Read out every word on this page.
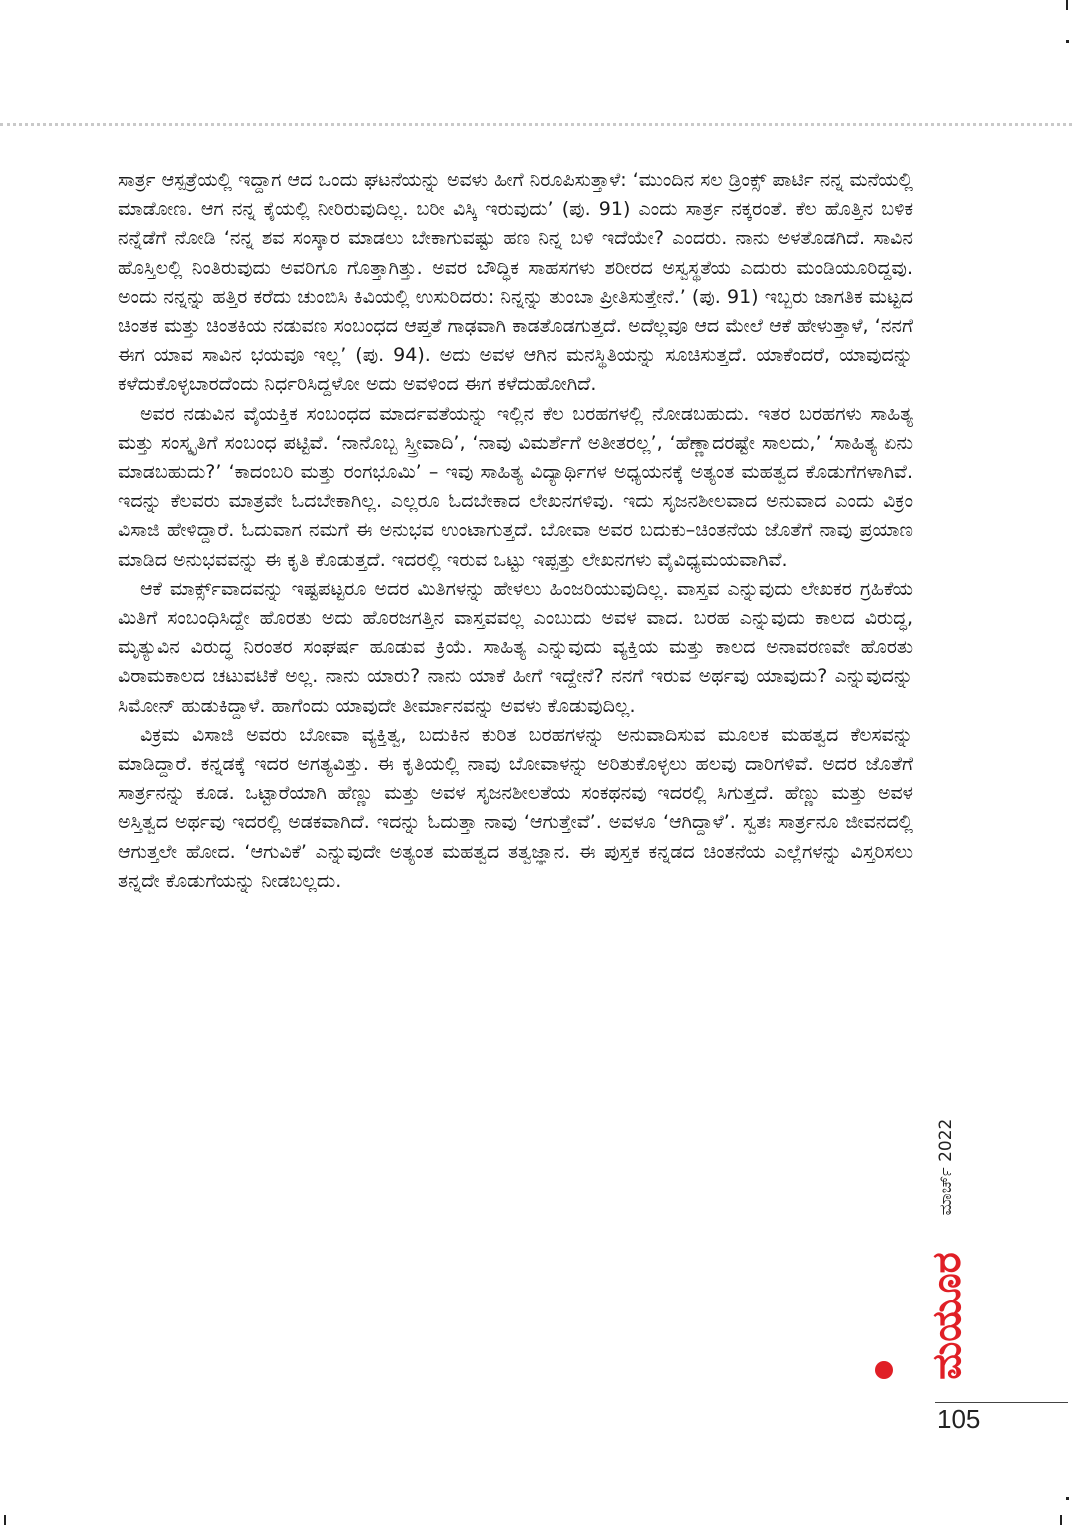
ಸಾರ್ತ್ರ ಆಸ್ಪತ್ರೆಯಲ್ಲಿ ಇದ್ದಾಗ ಆದ ಒಂದು ಘಟನೆಯನ್ನು ಅವಳು ಹೀಗೆ ನಿರೂಪಿಸುತ್ತಾಳೆ: ‘ಮುಂದಿನ ಸಲ ಡ್ರಿಂಕ್ಸ್ ಪಾರ್ಟಿ ನನ್ನ ಮನೆಯಲ್ಲಿ ಮಾಡೋಣ. ಆಗ ನನ್ನ ಕೈಯಲ್ಲಿ ನೀರಿರುವುದಿಲ್ಲ. ಬರೀ ವಿಸ್ಕಿ ಇರುವುದು’ (ಪು. 91) ಎಂದು ಸಾರ್ತ್ರ ನಕ್ಕರಂತೆ. ಕೆಲ ಹೊತ್ತಿನ ಬಳಿಕ ನನ್ನೆಡೆಗೆ ನೋಡಿ ‘ನನ್ನ ಶವ ಸಂಸ್ಕಾರ ಮಾಡಲು ಬೇಕಾಗುವಷ್ಟು ಹಣ ನಿನ್ನ ಬಳಿ ಇದೆಯೇ? ಎಂದರು. ನಾನು ಅಳತೊಡಗಿದೆ. ಸಾವಿನ ಹೊಸ್ತಿಲಲ್ಲಿ ನಿಂತಿರುವುದು ಅವರಿಗೂ ಗೊತ್ತಾಗಿತ್ತು. ಅವರ ಬೌದ್ಧಿಕ ಸಾಹಸಗಳು ಶರೀರದ ಅಸ್ವಸ್ಥತೆಯ ಎದುರು ಮಂಡಿಯೂರಿದ್ದವು. ಅಂದು ನನ್ನನ್ನು ಹತ್ತಿರ ಕರೆದು ಚುಂಬಿಸಿ ಕಿವಿಯಲ್ಲಿ ಉಸುರಿದರು: ನಿನ್ನನ್ನು ತುಂಬಾ ಪ್ರೀತಿಸುತ್ತೇನೆ.’ (ಪು. 91) ಇಬ್ಬರು ಜಾಗತಿಕ ಮಟ್ಟದ ಚಿಂತಕ ಮತ್ತು ಚಿಂತಕಿಯ ನಡುವಣ ಸಂಬಂಧದ ಆಪ್ತತೆ ಗಾಢವಾಗಿ ಕಾಡತೊಡಗುತ್ತದೆ. ಅದೆಲ್ಲವೂ ಆದ ಮೇಲೆ ಆಕೆ ಹೇಳುತ್ತಾಳೆ, ‘ನನಗೆ ಈಗ ಯಾವ ಸಾವಿನ ಭಯವೂ ಇಲ್ಲ’ (ಪು. 94). ಅದು ಅವಳ ಆಗಿನ ಮನಸ್ಥಿತಿಯನ್ನು ಸೂಚಿಸುತ್ತದೆ. ಯಾಕೆಂದರೆ, ಯಾವುದನ್ನು ಕಳೆದುಕೊಳ್ಳಬಾರದೆಂದು ನಿರ್ಧರಿಸಿದ್ದಳೋ ಅದು ಅವಳಿಂದ ಈಗ ಕಳೆದುಹೋಗಿದೆ.

ಅವರ ನಡುವಿನ ವೈಯಕ್ತಿಕ ಸಂಬಂಧದ ಮಾರ್ದವತೆಯನ್ನು ಇಲ್ಲಿನ ಕೆಲ ಬರಹಗಳಲ್ಲಿ ನೋಡಬಹುದು. ಇತರ ಬರಹಗಳು ಸಾಹಿತ್ಯ ಮತ್ತು ಸಂಸ್ಕೃತಿಗೆ ಸಂಬಂಧ ಪಟ್ಟಿವೆ. ‘ನಾನೊಬ್ಬ ಸ್ತ್ರೀವಾದಿ’, ‘ನಾವು ವಿಮರ್ಶೆಗೆ ಅತೀತರಲ್ಲ’, ‘ಹೆಣ್ಣಾದರಷ್ಟೇ ಸಾಲದು,’ ‘ಸಾಹಿತ್ಯ ಏನು ಮಾಡಬಹುದು?’ ‘ಕಾದಂಬರಿ ಮತ್ತು ರಂಗಭೂಮಿ’ – ಇವು ಸಾಹಿತ್ಯ ವಿದ್ಯಾರ್ಥಿಗಳ ಅಧ್ಯಯನಕ್ಕೆ ಅತ್ಯಂತ ಮಹತ್ವದ ಕೊಡುಗೆಗಳಾಗಿವೆ. ಇದನ್ನು ಕೆಲವರು ಮಾತ್ರವೇ ಓದಬೇಕಾಗಿಲ್ಲ. ಎಲ್ಲರೂ ಓದಬೇಕಾದ ಲೇಖನಗಳಿವು. ಇದು ಸೃಜನಶೀಲವಾದ ಅನುವಾದ ಎಂದು ವಿಕ್ರಂ ವಿಸಾಜಿ ಹೇಳಿದ್ದಾರೆ. ಓದುವಾಗ ನಮಗೆ ಈ ಅನುಭವ ಉಂಟಾಗುತ್ತದೆ. ಬೋವಾ ಅವರ ಬದುಕು–ಚಿಂತನೆಯ ಜೊತೆಗೆ ನಾವು ಪ್ರಯಾಣ ಮಾಡಿದ ಅನುಭವವನ್ನು ಈ ಕೃತಿ ಕೊಡುತ್ತದೆ. ಇದರಲ್ಲಿ ಇರುವ ಒಟ್ಟು ಇಪ್ಪತ್ತು ಲೇಖನಗಳು ವೈವಿಧ್ಯಮಯವಾಗಿವೆ.

ಆಕೆ ಮಾರ್ಕ್ಸ್‌ವಾದವನ್ನು ಇಷ್ಟಪಟ್ಟರೂ ಅದರ ಮಿತಿಗಳನ್ನು ಹೇಳಲು ಹಿಂಜರಿಯುವುದಿಲ್ಲ. ವಾಸ್ತವ ಎನ್ನುವುದು ಲೇಖಕರ ಗ್ರಹಿಕೆಯ ಮಿತಿಗೆ ಸಂಬಂಧಿಸಿದ್ದೇ ಹೊರತು ಅದು ಹೊರಜಗತ್ತಿನ ವಾಸ್ತವವಲ್ಲ ಎಂಬುದು ಅವಳ ವಾದ. ಬರಹ ಎನ್ನುವುದು ಕಾಲದ ವಿರುದ್ಧ, ಮೃತ್ಯುವಿನ ವಿರುದ್ಧ ನಿರಂತರ ಸಂಘರ್ಷ ಹೂಡುವ ಕ್ರಿಯೆ. ಸಾಹಿತ್ಯ ಎನ್ನುವುದು ವ್ಯಕ್ತಿಯ ಮತ್ತು ಕಾಲದ ಅನಾವರಣವೇ ಹೊರತು ವಿರಾಮಕಾಲದ ಚಟುವಟಿಕೆ ಅಲ್ಲ. ನಾನು ಯಾರು? ನಾನು ಯಾಕೆ ಹೀಗೆ ಇದ್ದೇನೆ? ನನಗೆ ಇರುವ ಅರ್ಥವು ಯಾವುದು? ಎನ್ನುವುದನ್ನು ಸಿಮೋನ್ ಹುಡುಕಿದ್ದಾಳೆ. ಹಾಗೆಂದು ಯಾವುದೇ ತೀರ್ಮಾನವನ್ನು ಅವಳು ಕೊಡುವುದಿಲ್ಲ.

ವಿಕ್ರಮ ವಿಸಾಜಿ ಅವರು ಬೋವಾ ವ್ಯಕ್ತಿತ್ವ, ಬದುಕಿನ ಕುರಿತ ಬರಹಗಳನ್ನು ಅನುವಾದಿಸುವ ಮೂಲಕ ಮಹತ್ವದ ಕೆಲಸವನ್ನು ಮಾಡಿದ್ದಾರೆ. ಕನ್ನಡಕ್ಕೆ ಇದರ ಅಗತ್ಯವಿತ್ತು. ಈ ಕೃತಿಯಲ್ಲಿ ನಾವು ಬೋವಾಳನ್ನು ಅರಿತುಕೊಳ್ಳಲು ಹಲವು ದಾರಿಗಳಿವೆ. ಅದರ ಜೊತೆಗೆ ಸಾರ್ತ್ರನನ್ನು ಕೂಡ. ಒಟ್ಟಾರೆಯಾಗಿ ಹೆಣ್ಣು ಮತ್ತು ಅವಳ ಸೃಜನಶೀಲತೆಯ ಸಂಕಥನವು ಇದರಲ್ಲಿ ಸಿಗುತ್ತದೆ. ಹೆಣ್ಣು ಮತ್ತು ಅವಳ ಅಸ್ತಿತ್ವದ ಅರ್ಥವು ಇದರಲ್ಲಿ ಅಡಕವಾಗಿದೆ. ಇದನ್ನು ಓದುತ್ತಾ ನಾವು ‘ಆಗುತ್ತೇವೆ’. ಅವಳೂ ‘ಆಗಿದ್ದಾಳೆ’. ಸ್ವತಃ ಸಾರ್ತ್ರನೂ ಜೀವನದಲ್ಲಿ ಆಗುತ್ತಲೇ ಹೋದ. ‘ಆಗುವಿಕೆ’ ಎನ್ನುವುದೇ ಅತ್ಯಂತ ಮಹತ್ವದ ತತ್ವಜ್ಞಾನ. ಈ ಪುಸ್ತಕ ಕನ್ನಡದ ಚಿಂತನೆಯ ಎಲ್ಲೆಗಳನ್ನು ವಿಸ್ತರಿಸಲು ತನ್ನದೇ ಕೊಡುಗೆಯನ್ನು ನೀಡಬಲ್ಲದು.

ಮಾರ್ಚ್ 2022
ಮಯೂರ
105
